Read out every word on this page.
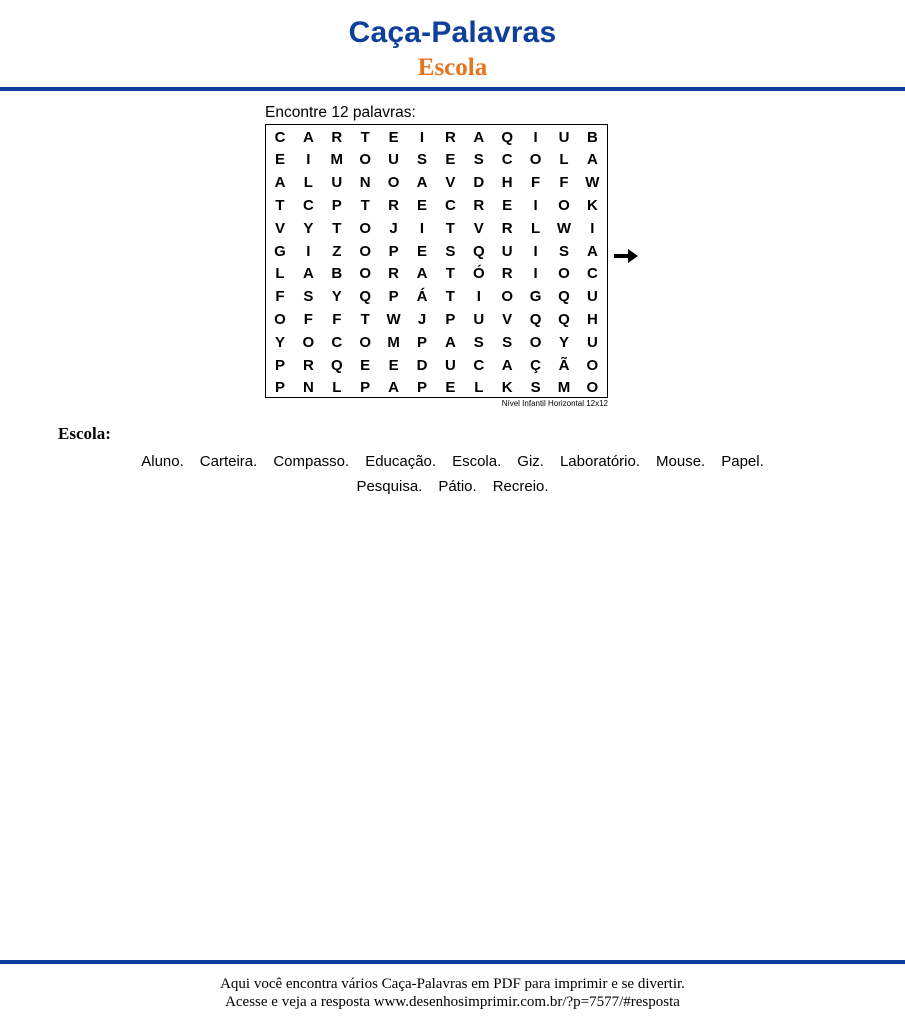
Caça-Palavras
Escola
Encontre 12 palavras:
C	A	R	T	E	I	R	A	Q	I	U	B
E	I	M	O	U	S	E	S	C	O	L	A
A	L	U	N	O	A	V	D	H	F	F	W
T	C	P	T	R	E	C	R	E	I	O	K
V	Y	T	O	J	I	T	V	R	L	W	I
G	I	Z	O	P	E	S	Q	U	I	S	A
L	A	B	O	R	A	T	Ó	R	I	O	C
F	S	Y	Q	P	Á	T	I	O	G	Q	U
O	F	F	T	W	J	P	U	V	Q	Q	H
Y	O	C	O	M	P	A	S	S	O	Y	U
P	R	Q	E	E	D	U	C	A	Ç	Ã	O
P	N	L	P	A	P	E	L	K	S	M	O
Nível Infantil Horizontal 12x12
Escola:
Aluno. Carteira. Compasso. Educação. Escola. Giz. Laboratório. Mouse. Papel.
Pesquisa. Pátio. Recreio.
Aqui você encontra vários Caça-Palavras em PDF para imprimir e se divertir.
Acesse e veja a resposta www.desenhosimprimir.com.br/?p=7577/#resposta
